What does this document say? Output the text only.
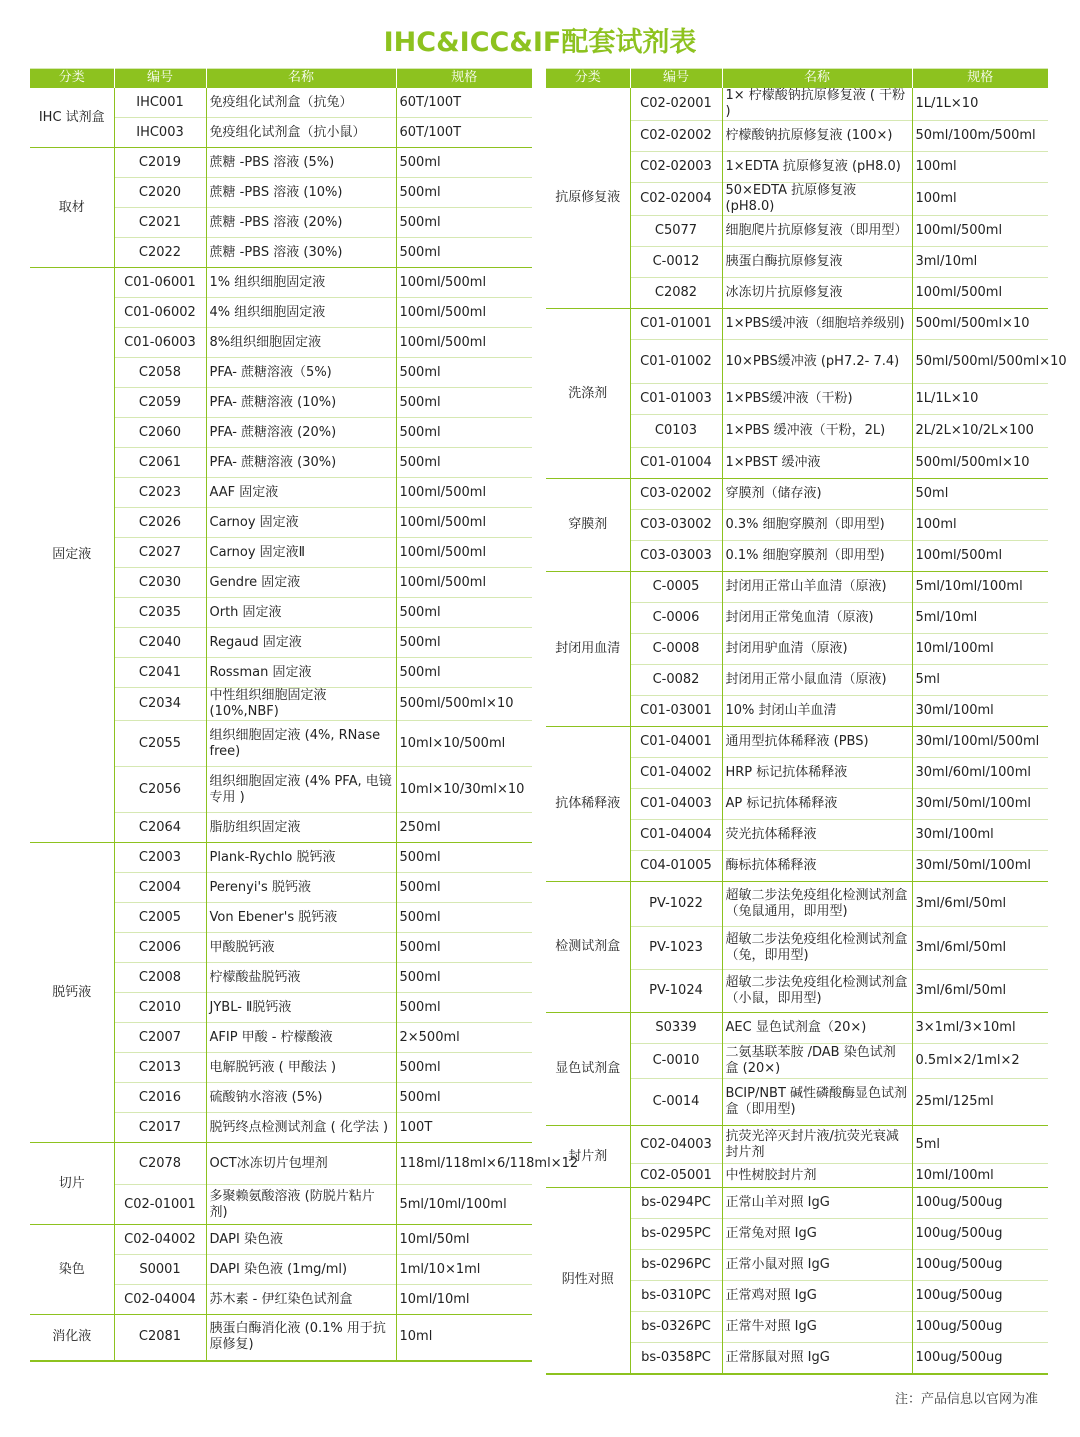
IHC&ICC&IF配套试剂表
分类	编号	名称	规格
IHC 试剂盒	IHC001	免疫组化试剂盒（抗兔）	60T/100T
	IHC003	免疫组化试剂盒（抗小鼠）	60T/100T
取材	C2019	蔗糖 -PBS 溶液 (5%)	500ml
	C2020	蔗糖 -PBS 溶液 (10%)	500ml
	C2021	蔗糖 -PBS 溶液 (20%)	500ml
	C2022	蔗糖 -PBS 溶液 (30%)	500ml
固定液	C01-06001	1% 组织细胞固定液	100ml/500ml
	C01-06002	4% 组织细胞固定液	100ml/500ml
	C01-06003	8%组织细胞固定液	100ml/500ml
	C2058	PFA- 蔗糖溶液（5%)	500ml
	C2059	PFA- 蔗糖溶液 (10%)	500ml
	C2060	PFA- 蔗糖溶液 (20%)	500ml
	C2061	PFA- 蔗糖溶液 (30%)	500ml
	C2023	AAF 固定液	100ml/500ml
	C2026	Carnoy 固定液	100ml/500ml
	C2027	Carnoy 固定液Ⅱ	100ml/500ml
	C2030	Gendre 固定液	100ml/500ml
	C2035	Orth 固定液	500ml
	C2040	Regaud 固定液	500ml
	C2041	Rossman 固定液	500ml
	C2034	中性组织细胞固定液 (10%,NBF)	500ml/500ml×10
	C2055	组织细胞固定液 (4%, RNase free)	10ml×10/500ml
	C2056	组织细胞固定液 (4% PFA, 电镜专用 )	10ml×10/30ml×10
	C2064	脂肪组织固定液	250ml
脱钙液	C2003	Plank-Rychlo 脱钙液	500ml
	C2004	Perenyi's 脱钙液	500ml
	C2005	Von Ebener's 脱钙液	500ml
	C2006	甲酸脱钙液	500ml
	C2008	柠檬酸盐脱钙液	500ml
	C2010	JYBL- Ⅱ脱钙液	500ml
	C2007	AFIP 甲酸 - 柠檬酸液	2×500ml
	C2013	电解脱钙液 ( 甲酸法 )	500ml
	C2016	硫酸钠水溶液 (5%)	500ml
	C2017	脱钙终点检测试剂盒 ( 化学法 )	100T
切片	C2078	OCT冰冻切片包埋剂	118ml/118ml×6/118ml×12
	C02-01001	多聚赖氨酸溶液 (防脱片粘片剂)	5ml/10ml/100ml
染色	C02-04002	DAPI 染色液	10ml/50ml
	S0001	DAPI 染色液 (1mg/ml)	1ml/10×1ml
	C02-04004	苏木素 - 伊红染色试剂盒	10ml/10ml
消化液	C2081	胰蛋白酶消化液 (0.1% 用于抗原修复)	10ml
分类	编号	名称	规格
抗原修复液	C02-02001	1× 柠檬酸钠抗原修复液 ( 干粉 )	1L/1L×10
	C02-02002	柠檬酸钠抗原修复液 (100×)	50ml/100m/500ml
	C02-02003	1×EDTA 抗原修复液 (pH8.0)	100ml
	C02-02004	50×EDTA 抗原修复液 (pH8.0)	100ml
	C5077	细胞爬片抗原修复液（即用型）	100ml/500ml
	C-0012	胰蛋白酶抗原修复液	3ml/10ml
	C2082	冰冻切片抗原修复液	100ml/500ml
洗涤剂	C01-01001	1×PBS缓冲液（细胞培养级别)	500ml/500ml×10
	C01-01002	10×PBS缓冲液 (pH7.2- 7.4)	50ml/500ml/500ml×10
	C01-01003	1×PBS缓冲液（干粉)	1L/1L×10
	C0103	1×PBS 缓冲液（干粉，2L)	2L/2L×10/2L×100
	C01-01004	1×PBST 缓冲液	500ml/500ml×10
穿膜剂	C03-02002	穿膜剂（储存液)	50ml
	C03-03002	0.3% 细胞穿膜剂（即用型)	100ml
	C03-03003	0.1% 细胞穿膜剂（即用型)	100ml/500ml
封闭用血清	C-0005	封闭用正常山羊血清（原液)	5ml/10ml/100ml
	C-0006	封闭用正常兔血清（原液)	5ml/10ml
	C-0008	封闭用驴血清（原液)	10ml/100ml
	C-0082	封闭用正常小鼠血清（原液)	5ml
	C01-03001	10% 封闭山羊血清	30ml/100ml
抗体稀释液	C01-04001	通用型抗体稀释液 (PBS)	30ml/100ml/500ml
	C01-04002	HRP 标记抗体稀释液	30ml/60ml/100ml
	C01-04003	AP 标记抗体稀释液	30ml/50ml/100ml
	C01-04004	荧光抗体稀释液	30ml/100ml
	C04-01005	酶标抗体稀释液	30ml/50ml/100ml
检测试剂盒	PV-1022	超敏二步法免疫组化检测试剂盒（兔鼠通用，即用型)	3ml/6ml/50ml
	PV-1023	超敏二步法免疫组化检测试剂盒（兔，即用型)	3ml/6ml/50ml
	PV-1024	超敏二步法免疫组化检测试剂盒（小鼠，即用型)	3ml/6ml/50ml
显色试剂盒	S0339	AEC 显色试剂盒（20×)	3×1ml/3×10ml
	C-0010	二氨基联苯胺 /DAB 染色试剂盒 (20×)	0.5ml×2/1ml×2
	C-0014	BCIP/NBT 碱性磷酸酶显色试剂盒（即用型)	25ml/125ml
封片剂	C02-04003	抗荧光淬灭封片液/抗荧光衰减封片剂	5ml
	C02-05001	中性树胶封片剂	10ml/100ml
阴性对照	bs-0294PC	正常山羊对照 IgG	100ug/500ug
	bs-0295PC	正常兔对照 IgG	100ug/500ug
	bs-0296PC	正常小鼠对照 IgG	100ug/500ug
	bs-0310PC	正常鸡对照 IgG	100ug/500ug
	bs-0326PC	正常牛对照 IgG	100ug/500ug
	bs-0358PC	正常豚鼠对照 IgG	100ug/500ug
注：产品信息以官网为准
